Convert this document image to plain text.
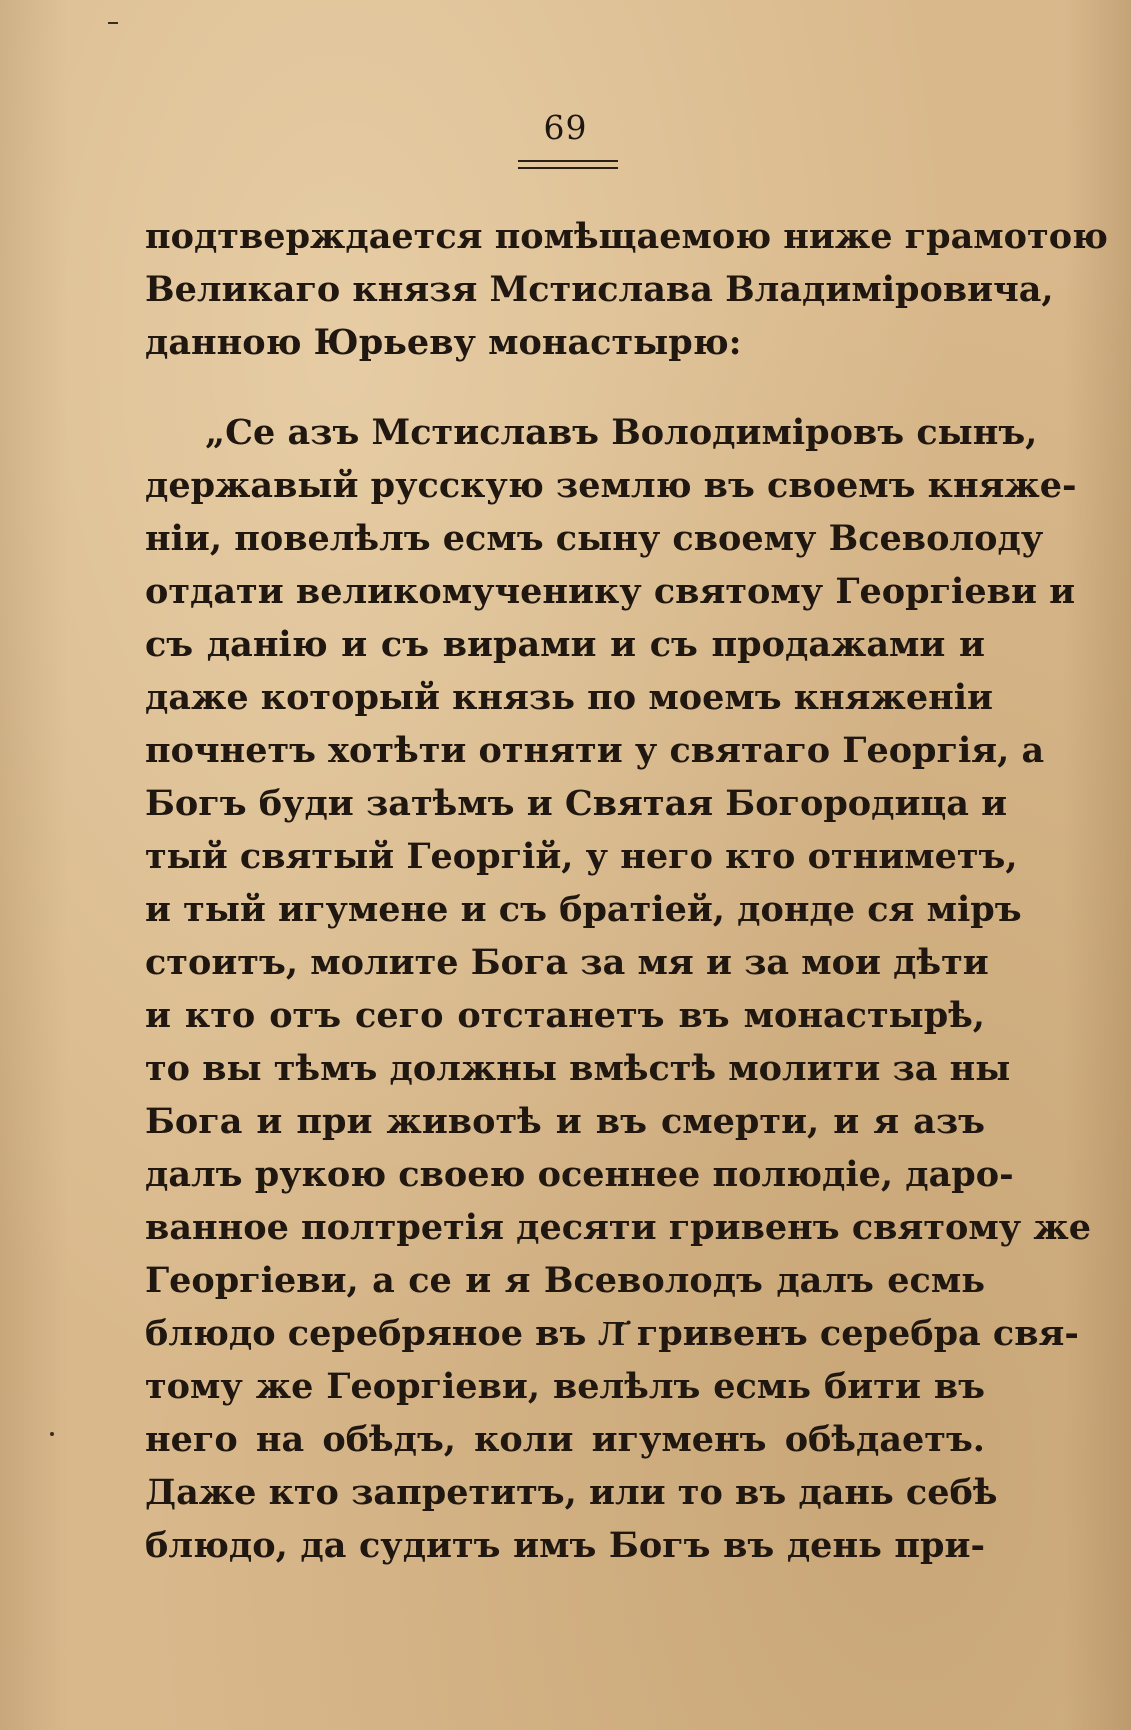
69
подтверждается помѣщаемою ниже грамотою
Великаго князя Мстислава Владиміровича,
данною Юрьеву монастырю:
„Се азъ Мстиславъ Володиміровъ сынъ,
державый русскую землю въ своемъ княже-
ніи, повелѣлъ есмъ сыну своему Всеволоду
отдати великомученику святому Георгіеви и
съ данію и съ вирами и съ продажами и
даже который князь по моемъ княженіи
почнетъ хотѣти отняти у святаго Георгія, а
Богъ буди затѣмъ и Святая Богородица и
тый святый Георгій, у него кто отниметъ,
и тый игумене и съ братіей, донде ся міръ
стоитъ, молите Бога за мя и за мои дѣти
и кто отъ сего отстанетъ въ монастырѣ,
то вы тѣмъ должны вмѣстѣ молити за ны
Бога и при животѣ и въ смерти, и я азъ
далъ рукою своею осеннее полюдіе, даро-
ванное полтретія десяти гривенъ святому же
Георгіеви, а се и я Всеволодъ далъ есмь
блюдо серебряное въ Л҃ гривенъ серебра свя-
тому же Георгіеви, велѣлъ есмь бити въ
него на обѣдъ, коли игуменъ обѣдаетъ.
Даже кто запретитъ, или то въ дань себѣ
блюдо, да судитъ имъ Богъ въ день при-
